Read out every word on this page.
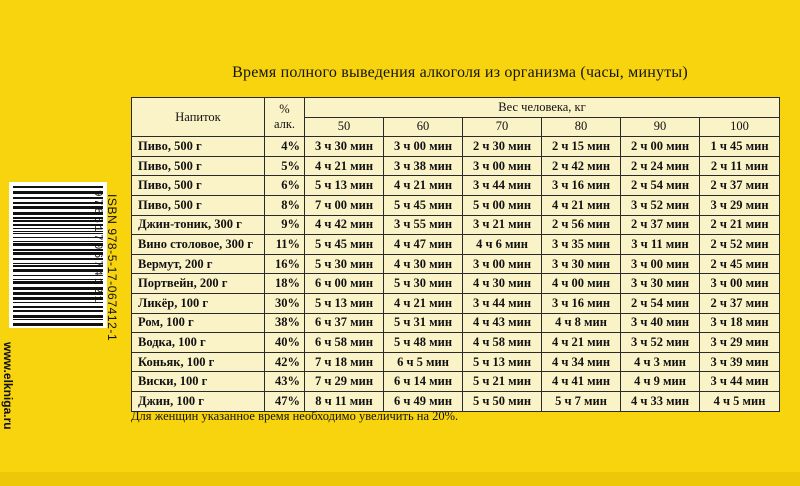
Время полного выведения алкоголя из организма (часы, минуты)
Напиток	%
алк.	Вес человека, кг					
		50	60	70	80	90	100
Пиво, 500 г	4%	3 ч 30 мин	3 ч 00 мин	2 ч 30 мин	2 ч 15 мин	2 ч 00 мин	1 ч 45 мин
Пиво, 500 г	5%	4 ч 21 мин	3 ч 38 мин	3 ч 00 мин	2 ч 42 мин	2 ч 24 мин	2 ч 11 мин
Пиво, 500 г	6%	5 ч 13 мин	4 ч 21 мин	3 ч 44 мин	3 ч 16 мин	2 ч 54 мин	2 ч 37 мин
Пиво, 500 г	8%	7 ч 00 мин	5 ч 45 мин	5 ч 00 мин	4 ч 21 мин	3 ч 52 мин	3 ч 29 мин
Джин-тоник, 300 г	9%	4 ч 42 мин	3 ч 55 мин	3 ч 21 мин	2 ч 56 мин	2 ч 37 мин	2 ч 21 мин
Вино столовое, 300 г	11%	5 ч 45 мин	4 ч 47 мин	4 ч 6 мин	3 ч 35 мин	3 ч 11 мин	2 ч 52 мин
Вермут, 200 г	16%	5 ч 30 мин	4 ч 30 мин	3 ч 00 мин	3 ч 30 мин	3 ч 00 мин	2 ч 45 мин
Портвейн, 200 г	18%	6 ч 00 мин	5 ч 30 мин	4 ч 30 мин	4 ч 00 мин	3 ч 30 мин	3 ч 00 мин
Ликёр, 100 г	30%	5 ч 13 мин	4 ч 21 мин	3 ч 44 мин	3 ч 16 мин	2 ч 54 мин	2 ч 37 мин
Ром, 100 г	38%	6 ч 37 мин	5 ч 31 мин	4 ч 43 мин	4 ч 8 мин	3 ч 40 мин	3 ч 18 мин
Водка, 100 г	40%	6 ч 58 мин	5 ч 48 мин	4 ч 58 мин	4 ч 21 мин	3 ч 52 мин	3 ч 29 мин
Коньяк, 100 г	42%	7 ч 18 мин	6 ч 5 мин	5 ч 13 мин	4 ч 34 мин	4 ч 3 мин	3 ч 39 мин
Виски, 100 г	43%	7 ч 29 мин	6 ч 14 мин	5 ч 21 мин	4 ч 41 мин	4 ч 9 мин	3 ч 44 мин
Джин, 100 г	47%	8 ч 11 мин	6 ч 49 мин	5 ч 50 мин	5 ч 7 мин	4 ч 33 мин	4 ч 5 мин
Для женщин указанное время необходимо увеличить на 20%.
9785170674121 ISBN 978-5-17-067412-1
www.elkniga.ru
